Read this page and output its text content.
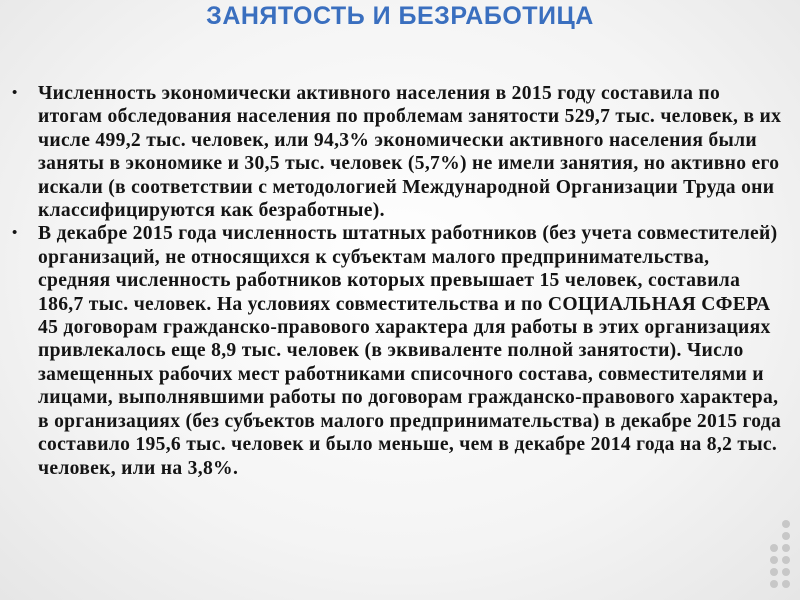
ЗАНЯТОСТЬ И БЕЗРАБОТИЦА
• Численность экономически активного населения в 2015 году составила по итогам обследования населения по проблемам занятости 529,7 тыс. человек, в их числе 499,2 тыс. человек, или 94,3% экономически активного населения были заняты в экономике и 30,5 тыс. человек (5,7%) не имели занятия, но активно его искали (в соответствии с методологией Международной Организации Труда они классифицируются как безработные).
• В декабре 2015 года численность штатных работников (без учета совместителей) организаций, не относящихся к субъектам малого предпринимательства, средняя численность работников которых превышает 15 человек, составила 186,7 тыс. человек. На условиях совместительства и по СОЦИАЛЬНАЯ СФЕРА 45 договорам гражданско-правового характера для работы в этих организациях привлекалось еще 8,9 тыс. человек (в эквиваленте полной занятости). Число замещенных рабочих мест работниками списочного состава, совместителями и лицами, выполнявшими работы по договорам гражданско-правового характера, в организациях (без субъектов малого предпринимательства) в декабре 2015 года составило 195,6 тыс. человек и было меньше, чем в декабре 2014 года на 8,2 тыс. человек, или на 3,8%.
